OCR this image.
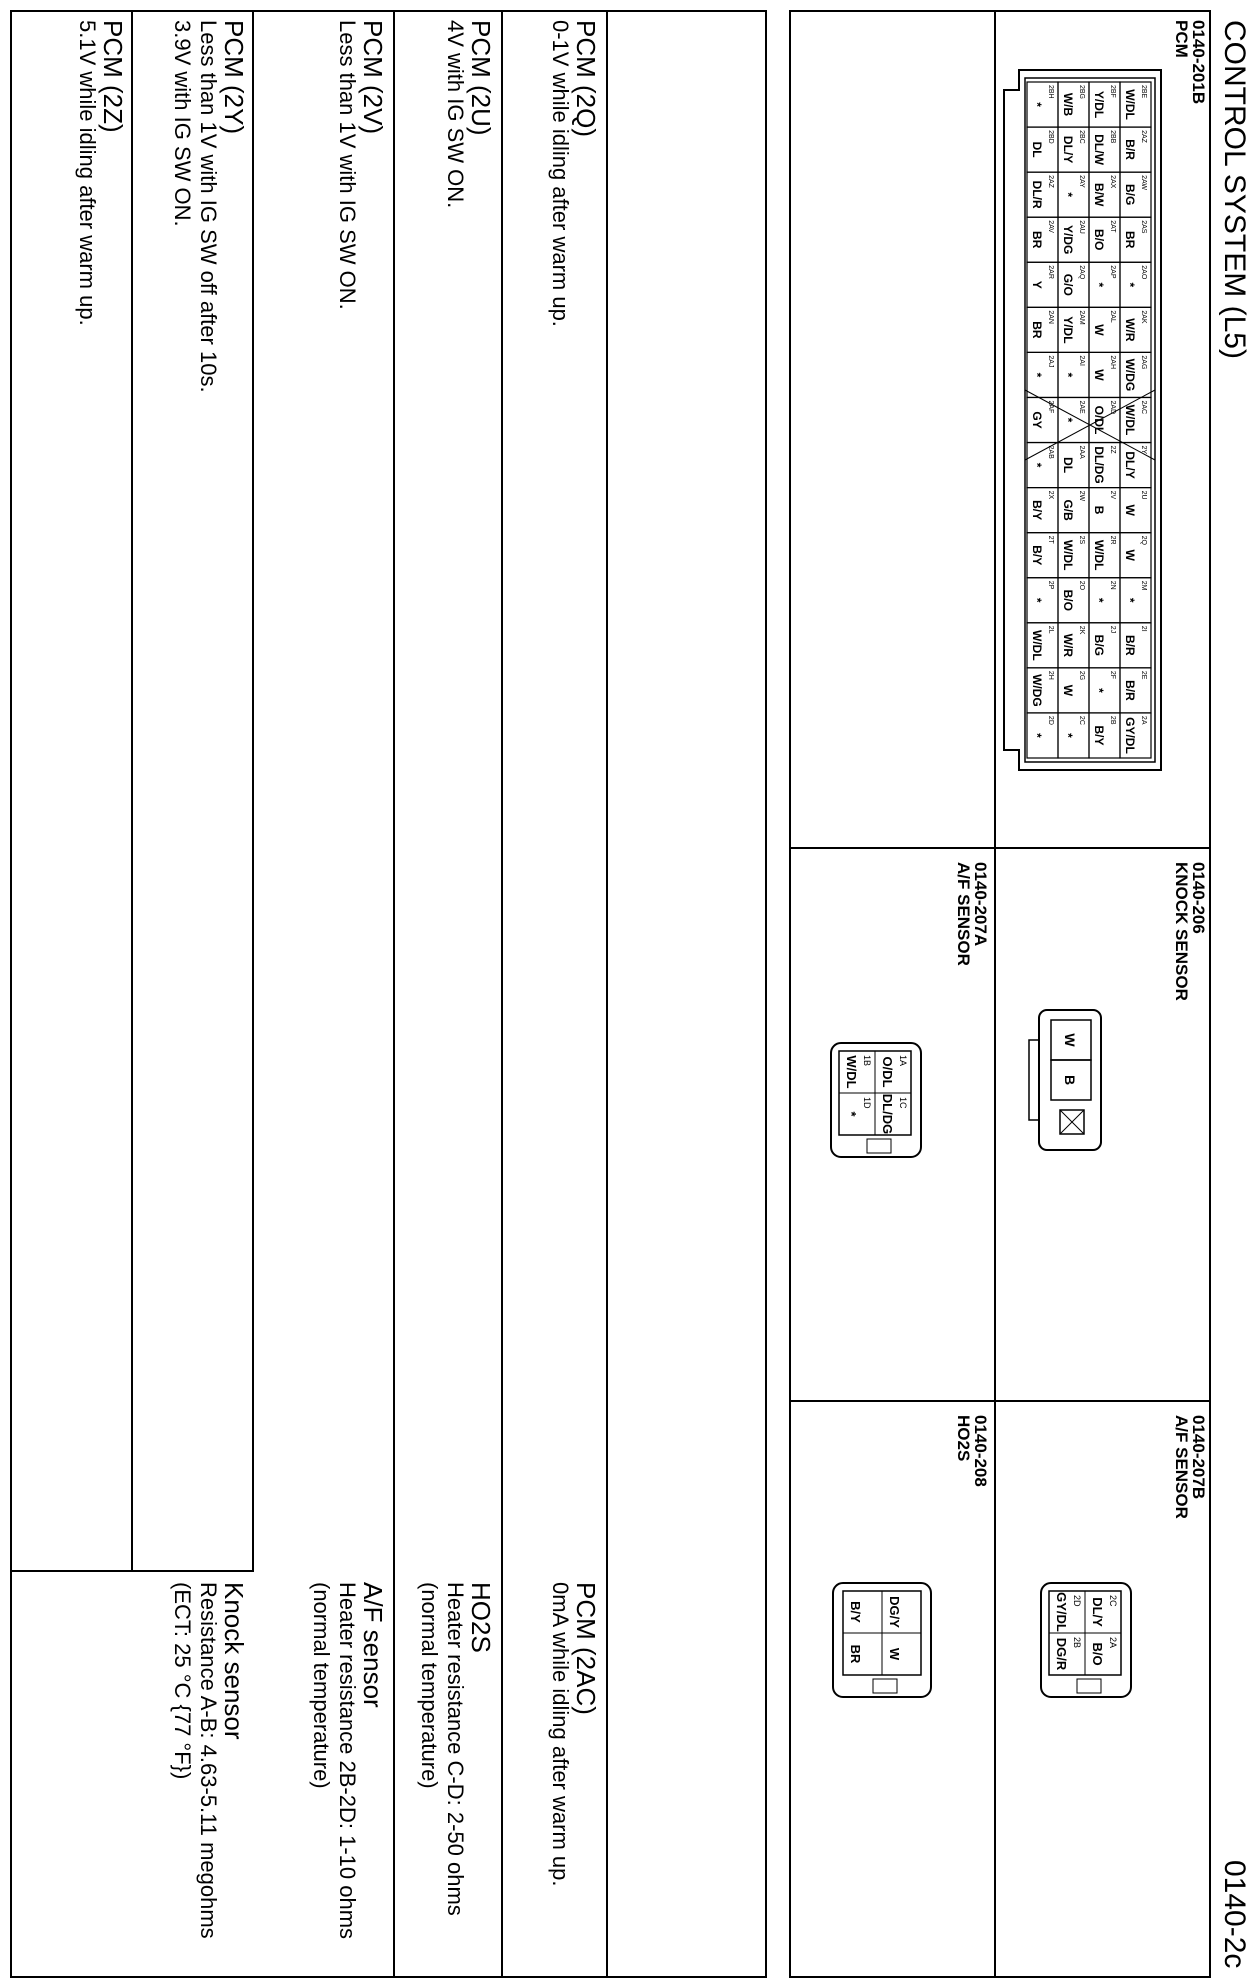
CONTROL SYSTEM (L5)
0140-2c
0140-201B
PCM
0140-206
KNOCK SENSOR
0140-207A
A/F SENSOR
0140-207B
A/F SENSOR
0140-208
HO2S
2BE
W/DL
2BF
Y/DL
2BG
W/B
2BH
*
2AZ
B/R
2BB
DL/W
2BC
DL/Y
2BD
DL
2AW
B/G
2AX
B/W
2AY
*
2AZ
DL/R
2AS
BR
2AT
B/O
2AU
Y/DG
2AV
BR
2AO
*
2AP
*
2AQ
G/O
2AR
Y
2AK
W/R
2AL
W
2AM
Y/DL
2AN
BR
2AG
W/DG
2AH
W
2AI
*
2AJ
*
2AC
W/DL
2AD
O/DL
2AE
*
2AF
GY
2Y
DL/Y
2Z
DL/DG
2AA
DL
2AB
*
2U
W
2V
B
2W
G/B
2X
B/Y
2Q
W
2R
W/DL
2S
W/DL
2T
B/Y
2M
*
2N
*
2O
B/O
2P
*
2I
B/R
2J
B/G
2K
W/R
2L
W/DL
2E
B/R
2F
*
2G
W
2H
W/DG
2A
GY/DL
2B
B/Y
2C
*
2D
*
W
B
1A
O/DL
1C
DL/DG
1B
W/DL
1D
*
2C
DL/Y
2A
B/O
2D
GY/DL
2B
DG/R
DG/Y
W
B/Y
BR
PCM (2Q)
0-1V while idling after warm up.
PCM (2U)
4V with IG SW ON.
PCM (2V)
Less than 1V with IG SW ON.
PCM (2Y)
Less than 1V with IG SW off after 10s.
3.9V with IG SW ON.
PCM (2Z)
5.1V while idling after warm up.
PCM (2AC)
0mA while idling after warm up.
HO2S
Heater resistance C-D: 2-50 ohms (normal temperature)
A/F sensor
Heater resistance 2B-2D: 1-10 ohms (normal temperature)
Knock sensor
Resistance A-B: 4.63-5.11 megohms (ECT: 25 °C {77 °F})
